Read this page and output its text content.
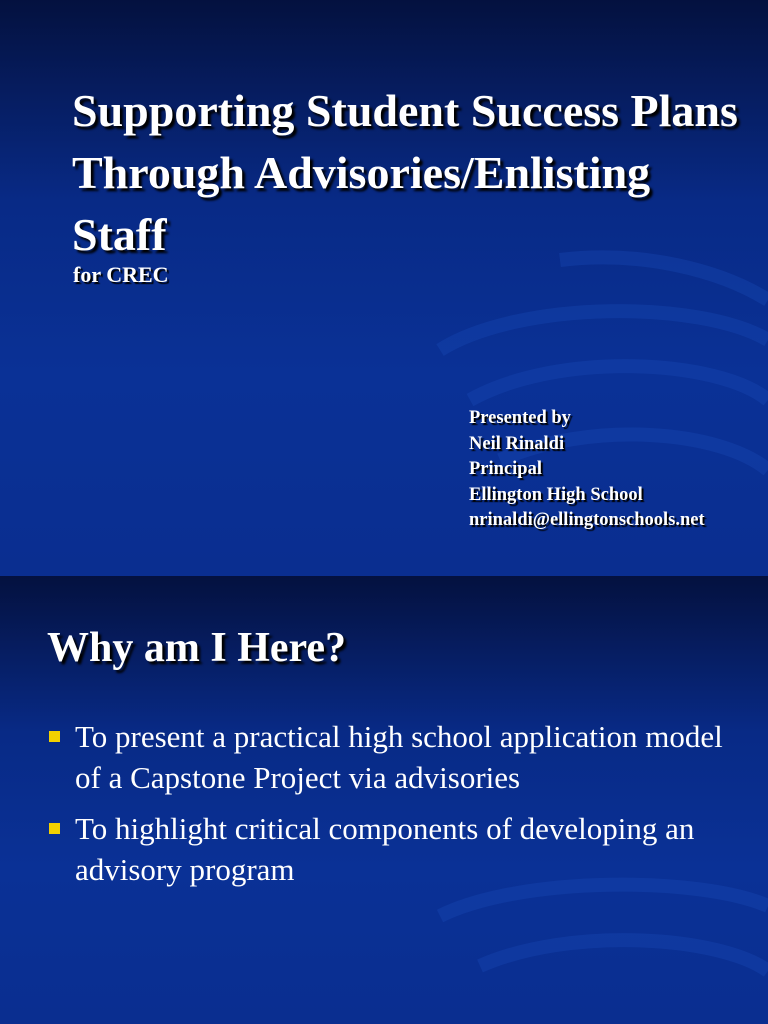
Supporting Student Success Plans Through Advisories/Enlisting Staff

for CREC

Presented by
Neil Rinaldi
Principal
Ellington High School
nrinaldi@ellingtonschools.net
Why am I Here?
To present a practical high school application model of a Capstone Project via advisories
To highlight critical components of developing an advisory program
